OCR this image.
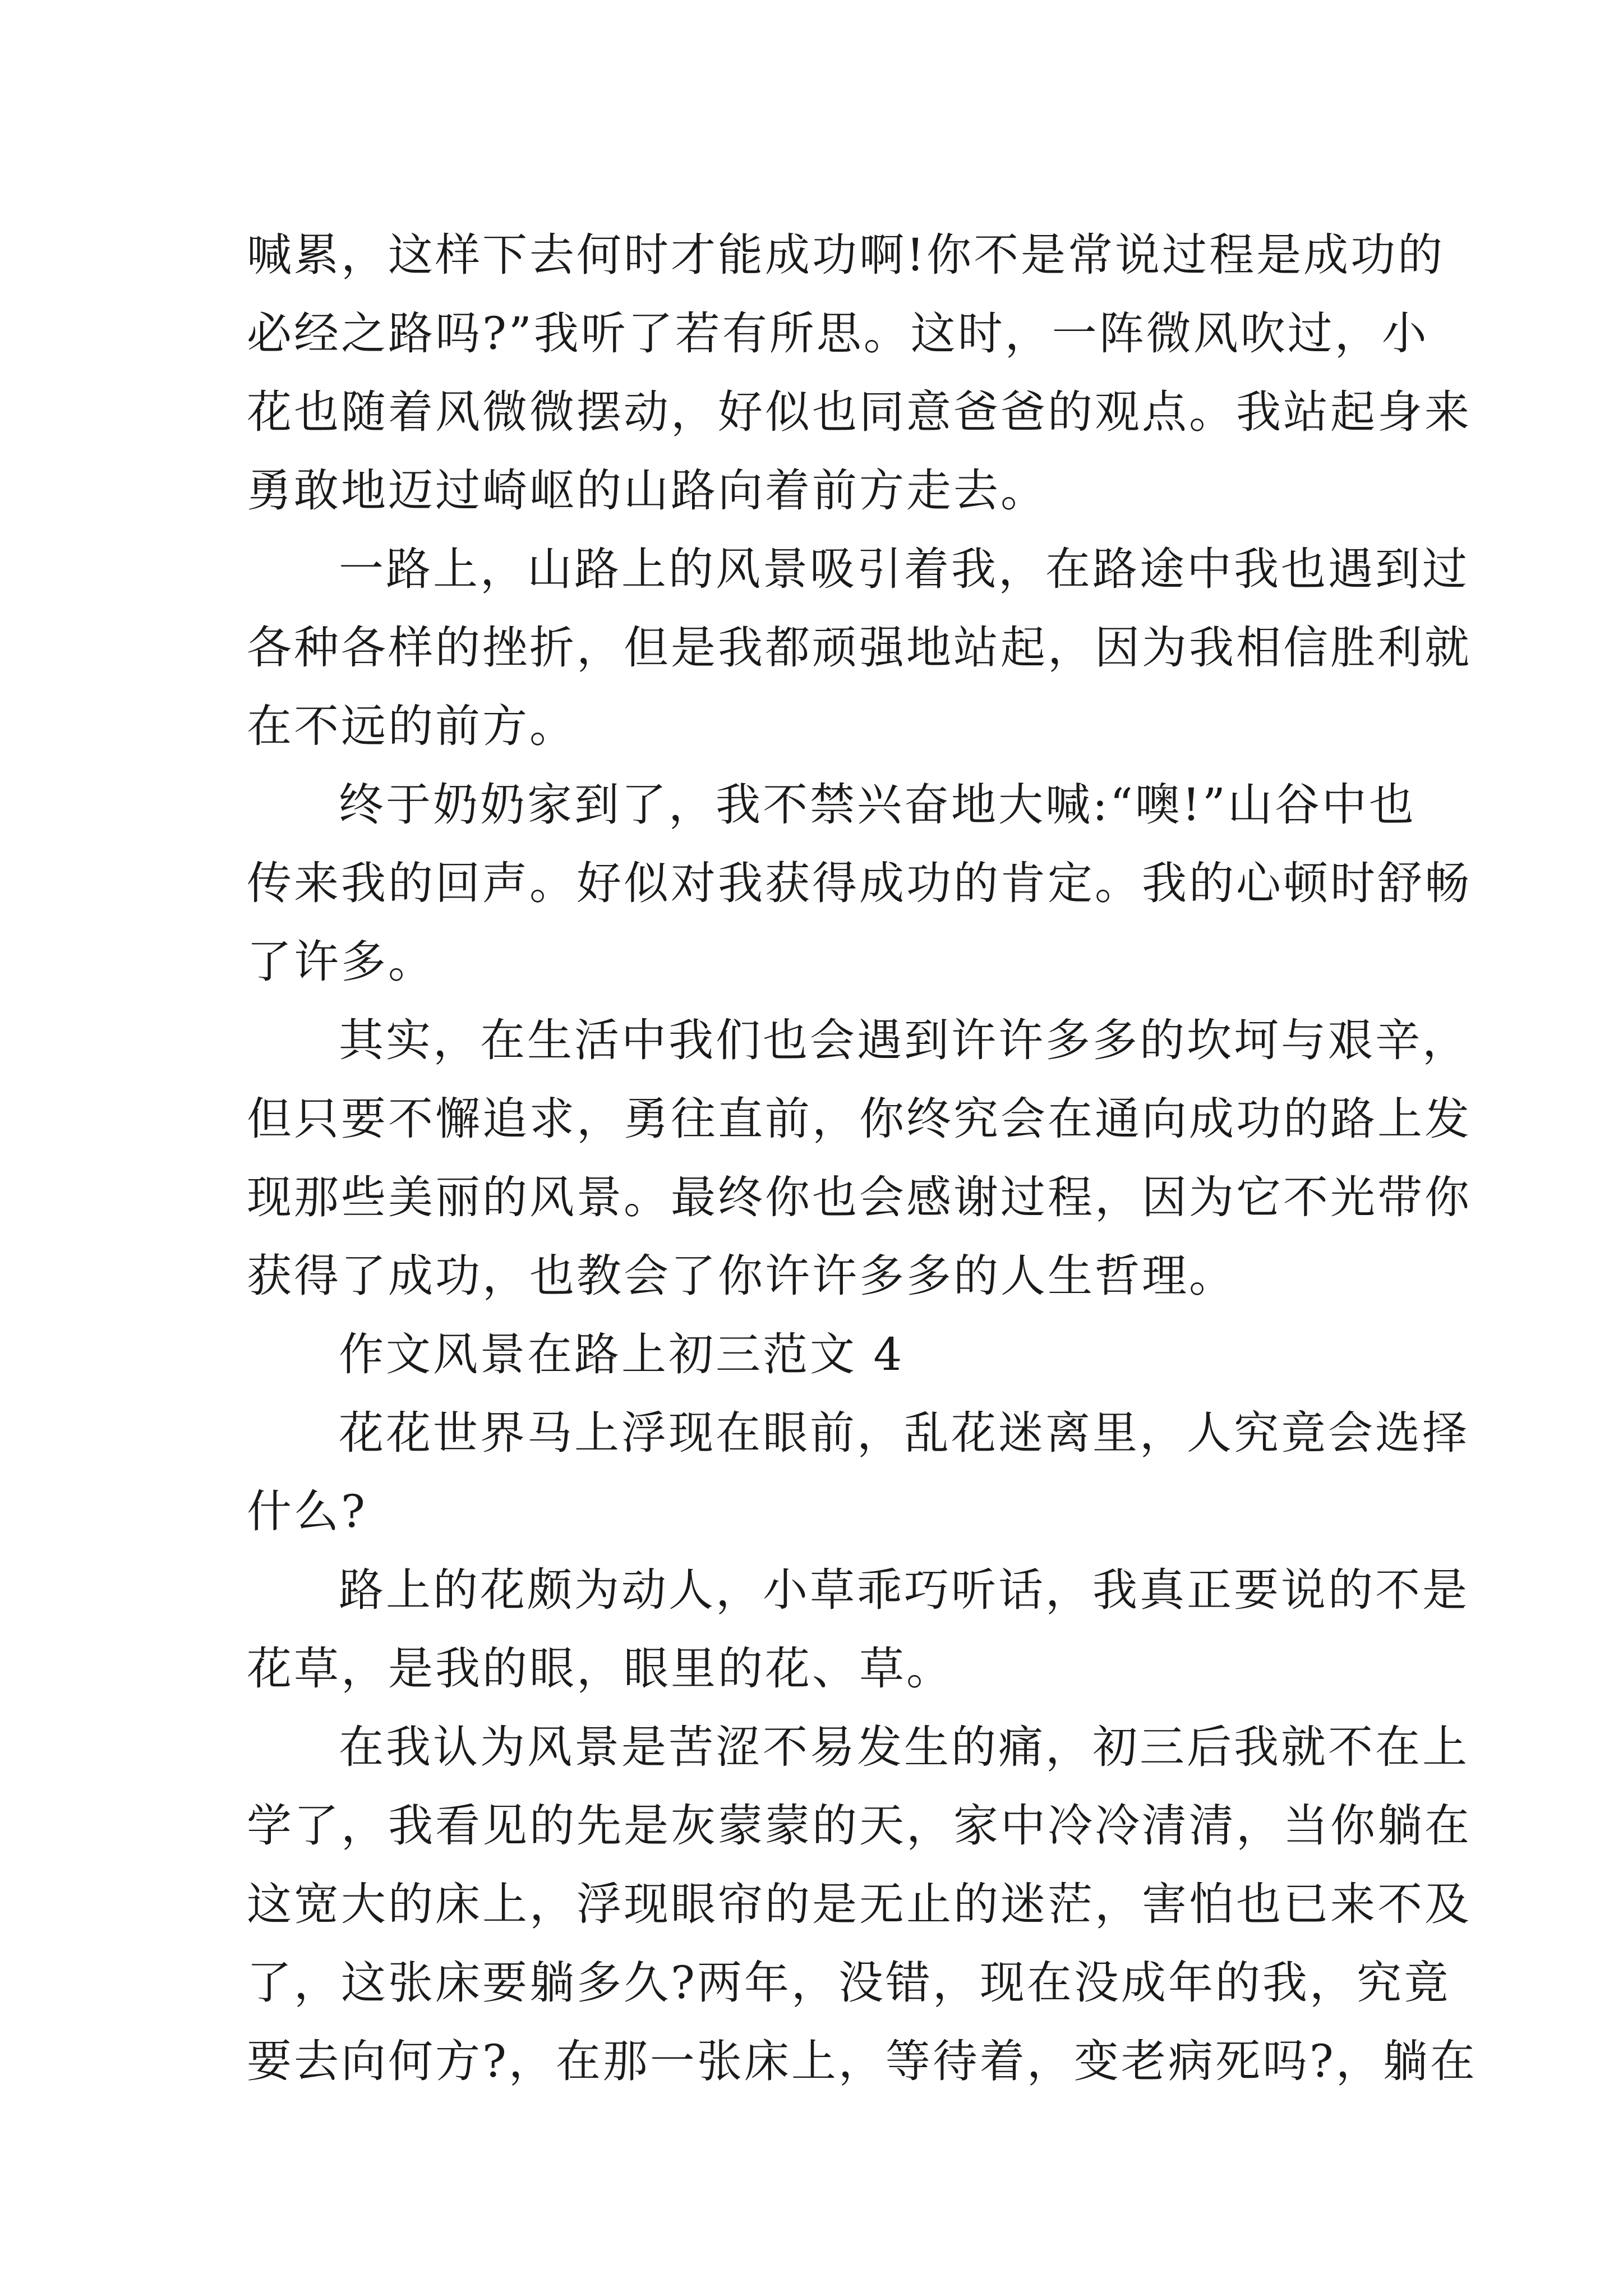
喊累，这样下去何时才能成功啊!你不是常说过程是成功的
必经之路吗?”我听了若有所思。这时，一阵微风吹过，小
花也随着风微微摆动，好似也同意爸爸的观点。我站起身来
勇敢地迈过崎岖的山路向着前方走去。
一路上，山路上的风景吸引着我，在路途中我也遇到过
各种各样的挫折，但是我都顽强地站起，因为我相信胜利就
在不远的前方。
终于奶奶家到了，我不禁兴奋地大喊:“噢!”山谷中也
传来我的回声。好似对我获得成功的肯定。我的心顿时舒畅
了许多。
其实，在生活中我们也会遇到许许多多的坎坷与艰辛，
但只要不懈追求，勇往直前，你终究会在通向成功的路上发
现那些美丽的风景。最终你也会感谢过程，因为它不光带你
获得了成功，也教会了你许许多多的人生哲理。
作文风景在路上初三范文 4
花花世界马上浮现在眼前，乱花迷离里，人究竟会选择
什么?
路上的花颇为动人，小草乖巧听话，我真正要说的不是
花草，是我的眼，眼里的花、草。
在我认为风景是苦涩不易发生的痛，初三后我就不在上
学了，我看见的先是灰蒙蒙的天，家中冷冷清清，当你躺在
这宽大的床上，浮现眼帘的是无止的迷茫，害怕也已来不及
了，这张床要躺多久?两年，没错，现在没成年的我，究竟
要去向何方?，在那一张床上，等待着，变老病死吗?，躺在
